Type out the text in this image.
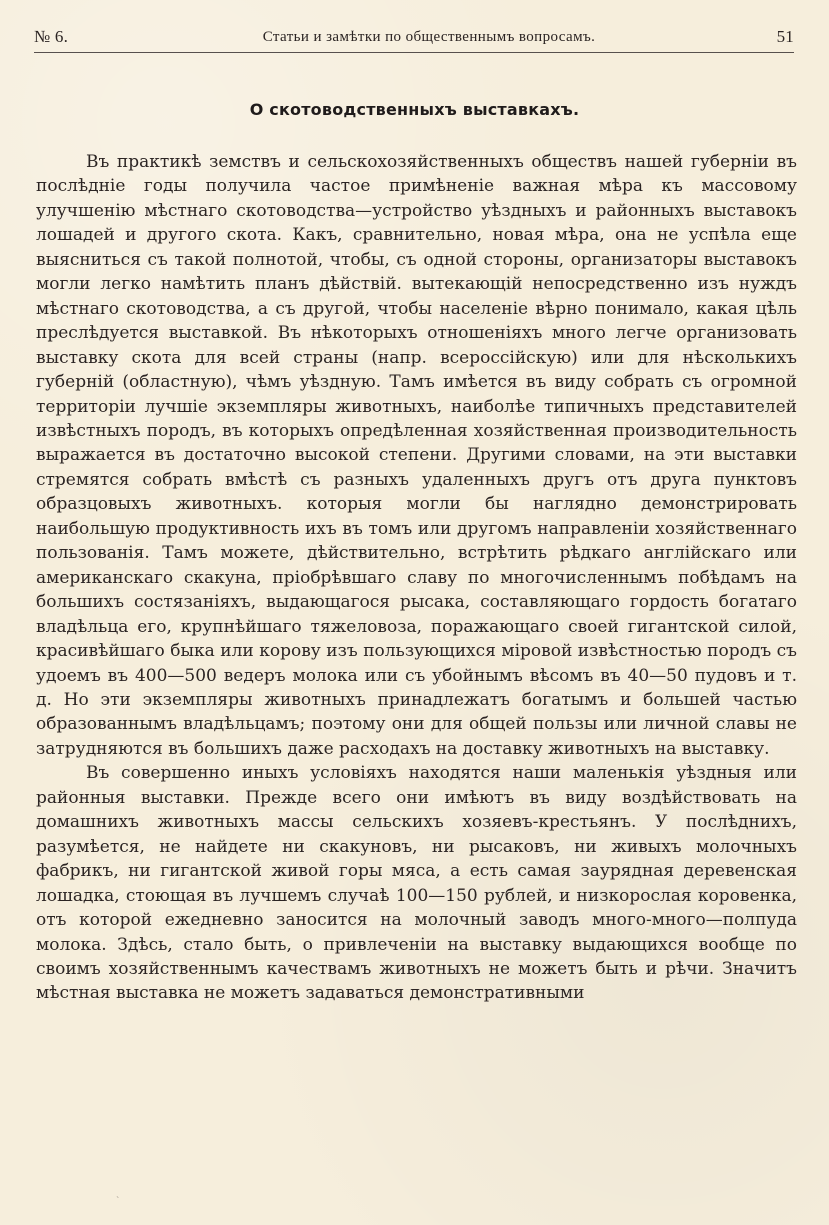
№ 6.	Статьи и замѣтки по общественнымъ вопросамъ.	51
О скотоводственныхъ выставкахъ.

Въ практикѣ земствъ и сельскохозяйственныхъ обществъ нашей губерніи въ послѣдніе годы получила частое примѣненіе важная мѣра къ массовому улучшенію мѣстнаго скотоводства—устройство уѣздныхъ и районныхъ выставокъ лошадей и другого скота. Какъ, сравнительно, новая мѣра, она не успѣла еще выясниться съ такой полнотой, чтобы, съ одной стороны, организаторы выставокъ могли легко намѣтить планъ дѣйствій. вытекающій непосредственно изъ нуждъ мѣстнаго скотоводства, а съ другой, чтобы населеніе вѣрно понимало, какая цѣль преслѣдуется выставкой. Въ нѣкоторыхъ отношеніяхъ много легче организовать выставку скота для всей страны (напр. всероссійскую) или для нѣсколькихъ губерній (областную), чѣмъ уѣздную. Тамъ имѣется въ виду собрать съ огромной территоріи лучшіе экземпляры животныхъ, наиболѣе типичныхъ представителей извѣстныхъ породъ, въ которыхъ опредѣленная хозяйственная производительность выражается въ достаточно высокой степени. Другими словами, на эти выставки стремятся собрать вмѣстѣ съ разныхъ удаленныхъ другъ отъ друга пунктовъ образцовыхъ животныхъ. которыя могли бы наглядно демонстрировать наибольшую продуктивность ихъ въ томъ или другомъ направленіи хозяйственнаго пользованія. Тамъ можете, дѣйствительно, встрѣтить рѣдкаго англійскаго или американскаго скакуна, пріобрѣвшаго славу по многочисленнымъ побѣдамъ на большихъ состязаніяхъ, выдающагося рысака, составляющаго гордость богатаго владѣльца его, крупнѣйшаго тяжеловоза, поражающаго своей гигантской силой, красивѣйшаго быка или корову изъ пользующихся міровой извѣстностью породъ съ удоемъ въ 400—500 ведеръ молока или съ убойнымъ вѣсомъ въ 40—50 пудовъ и т. д. Но эти экземпляры животныхъ принадлежатъ богатымъ и большей частью образованнымъ владѣльцамъ; поэтому они для общей пользы или личной славы не затрудняются въ большихъ даже расходахъ на доставку животныхъ на выставку.

Въ совершенно иныхъ условіяхъ находятся наши маленькія уѣздныя или районныя выставки. Прежде всего они имѣютъ въ виду воздѣйствовать на домашнихъ животныхъ массы сельскихъ хозяевъ-крестьянъ. У послѣднихъ, разумѣется, не найдете ни скакуновъ, ни рысаковъ, ни живыхъ молочныхъ фабрикъ, ни гигантской живой горы мяса, а есть самая заурядная деревенская лошадка, стоющая въ лучшемъ случаѣ 100—150 рублей, и низкорослая коровенка, отъ которой ежедневно заносится на молочный заводъ много-много—полпуда молока. Здѣсь, стало быть, о привлеченіи на выставку выдающихся вообще по своимъ хозяйственнымъ качествамъ животныхъ не можетъ быть и рѣчи. Значитъ мѣстная выставка не можетъ задаваться демонстративными

˴
